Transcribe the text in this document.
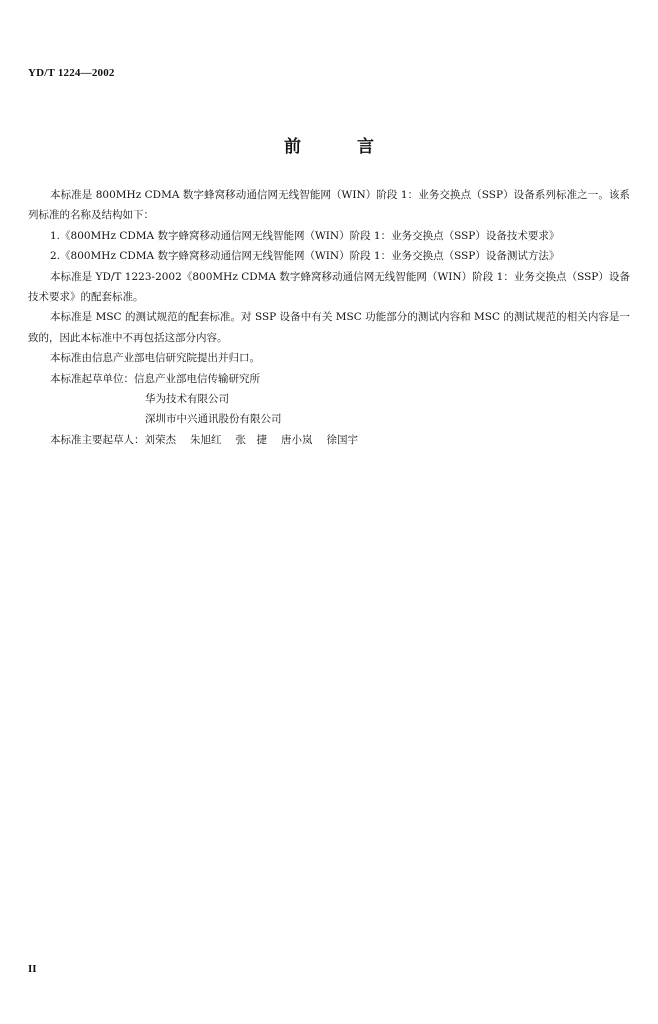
YD/T 1224—2002
前	言

本标准是 800MHz CDMA 数字蜂窝移动通信网无线智能网（WIN）阶段 1：业务交换点（SSP）设备系列标准之一。该系列标准的名称及结构如下：

1.《800MHz CDMA 数字蜂窝移动通信网无线智能网（WIN）阶段 1：业务交换点（SSP）设备技术要求》

2.《800MHz CDMA 数字蜂窝移动通信网无线智能网（WIN）阶段 1：业务交换点（SSP）设备测试方法》

本标准是 YD/T 1223-2002《800MHz CDMA 数字蜂窝移动通信网无线智能网（WIN）阶段 1：业务交换点（SSP）设备技术要求》的配套标准。

本标准是 MSC 的测试规范的配套标准。对 SSP 设备中有关 MSC 功能部分的测试内容和 MSC 的测试规范的相关内容是一致的，因此本标准中不再包括这部分内容。

本标准由信息产业部电信研究院提出并归口。

本标准起草单位：信息产业部电信传输研究所

华为技术有限公司

深圳市中兴通讯股份有限公司

本标准主要起草人：刘荣杰 朱旭红 张　捷 唐小岚 徐国宇

II
